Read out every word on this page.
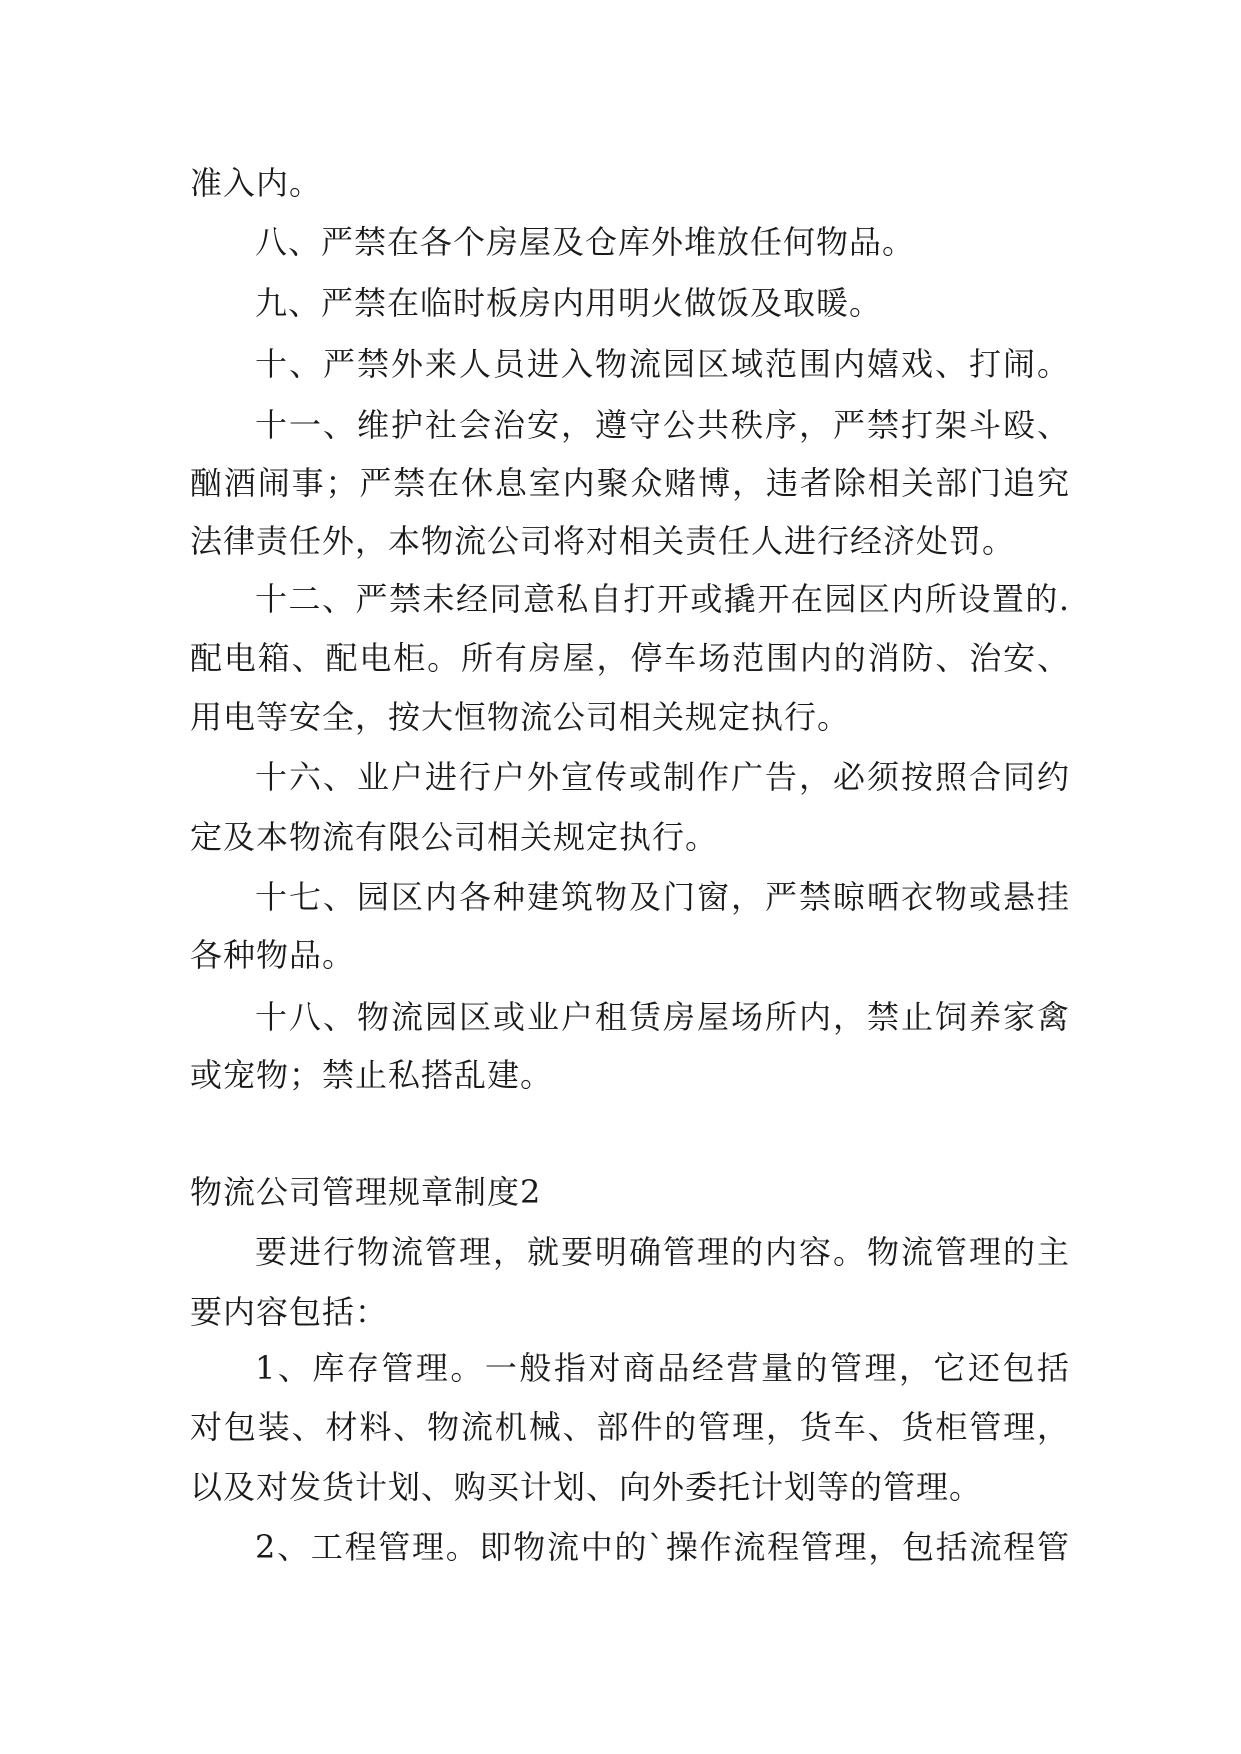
准入内。
八、严禁在各个房屋及仓库外堆放任何物品。
九、严禁在临时板房内用明火做饭及取暖。
十、严禁外来人员进入物流园区域范围内嬉戏、打闹。
十一、维护社会治安，遵守公共秩序，严禁打架斗殴、
酗酒闹事；严禁在休息室内聚众赌博，违者除相关部门追究
法律责任外，本物流公司将对相关责任人进行经济处罚。
十二、严禁未经同意私自打开或撬开在园区内所设置的.
配电箱、配电柜。所有房屋，停车场范围内的消防、治安、
用电等安全，按大恒物流公司相关规定执行。
十六、业户进行户外宣传或制作广告，必须按照合同约
定及本物流有限公司相关规定执行。
十七、园区内各种建筑物及门窗，严禁晾晒衣物或悬挂
各种物品。
十八、物流园区或业户租赁房屋场所内，禁止饲养家禽
或宠物；禁止私搭乱建。
物流公司管理规章制度2
要进行物流管理，就要明确管理的内容。物流管理的主
要内容包括：
1、库存管理。一般指对商品经营量的管理，它还包括
对包装、材料、物流机械、部件的管理，货车、货柜管理，
以及对发货计划、购买计划、向外委托计划等的管理。
2、工程管理。即物流中的`操作流程管理，包括流程管
